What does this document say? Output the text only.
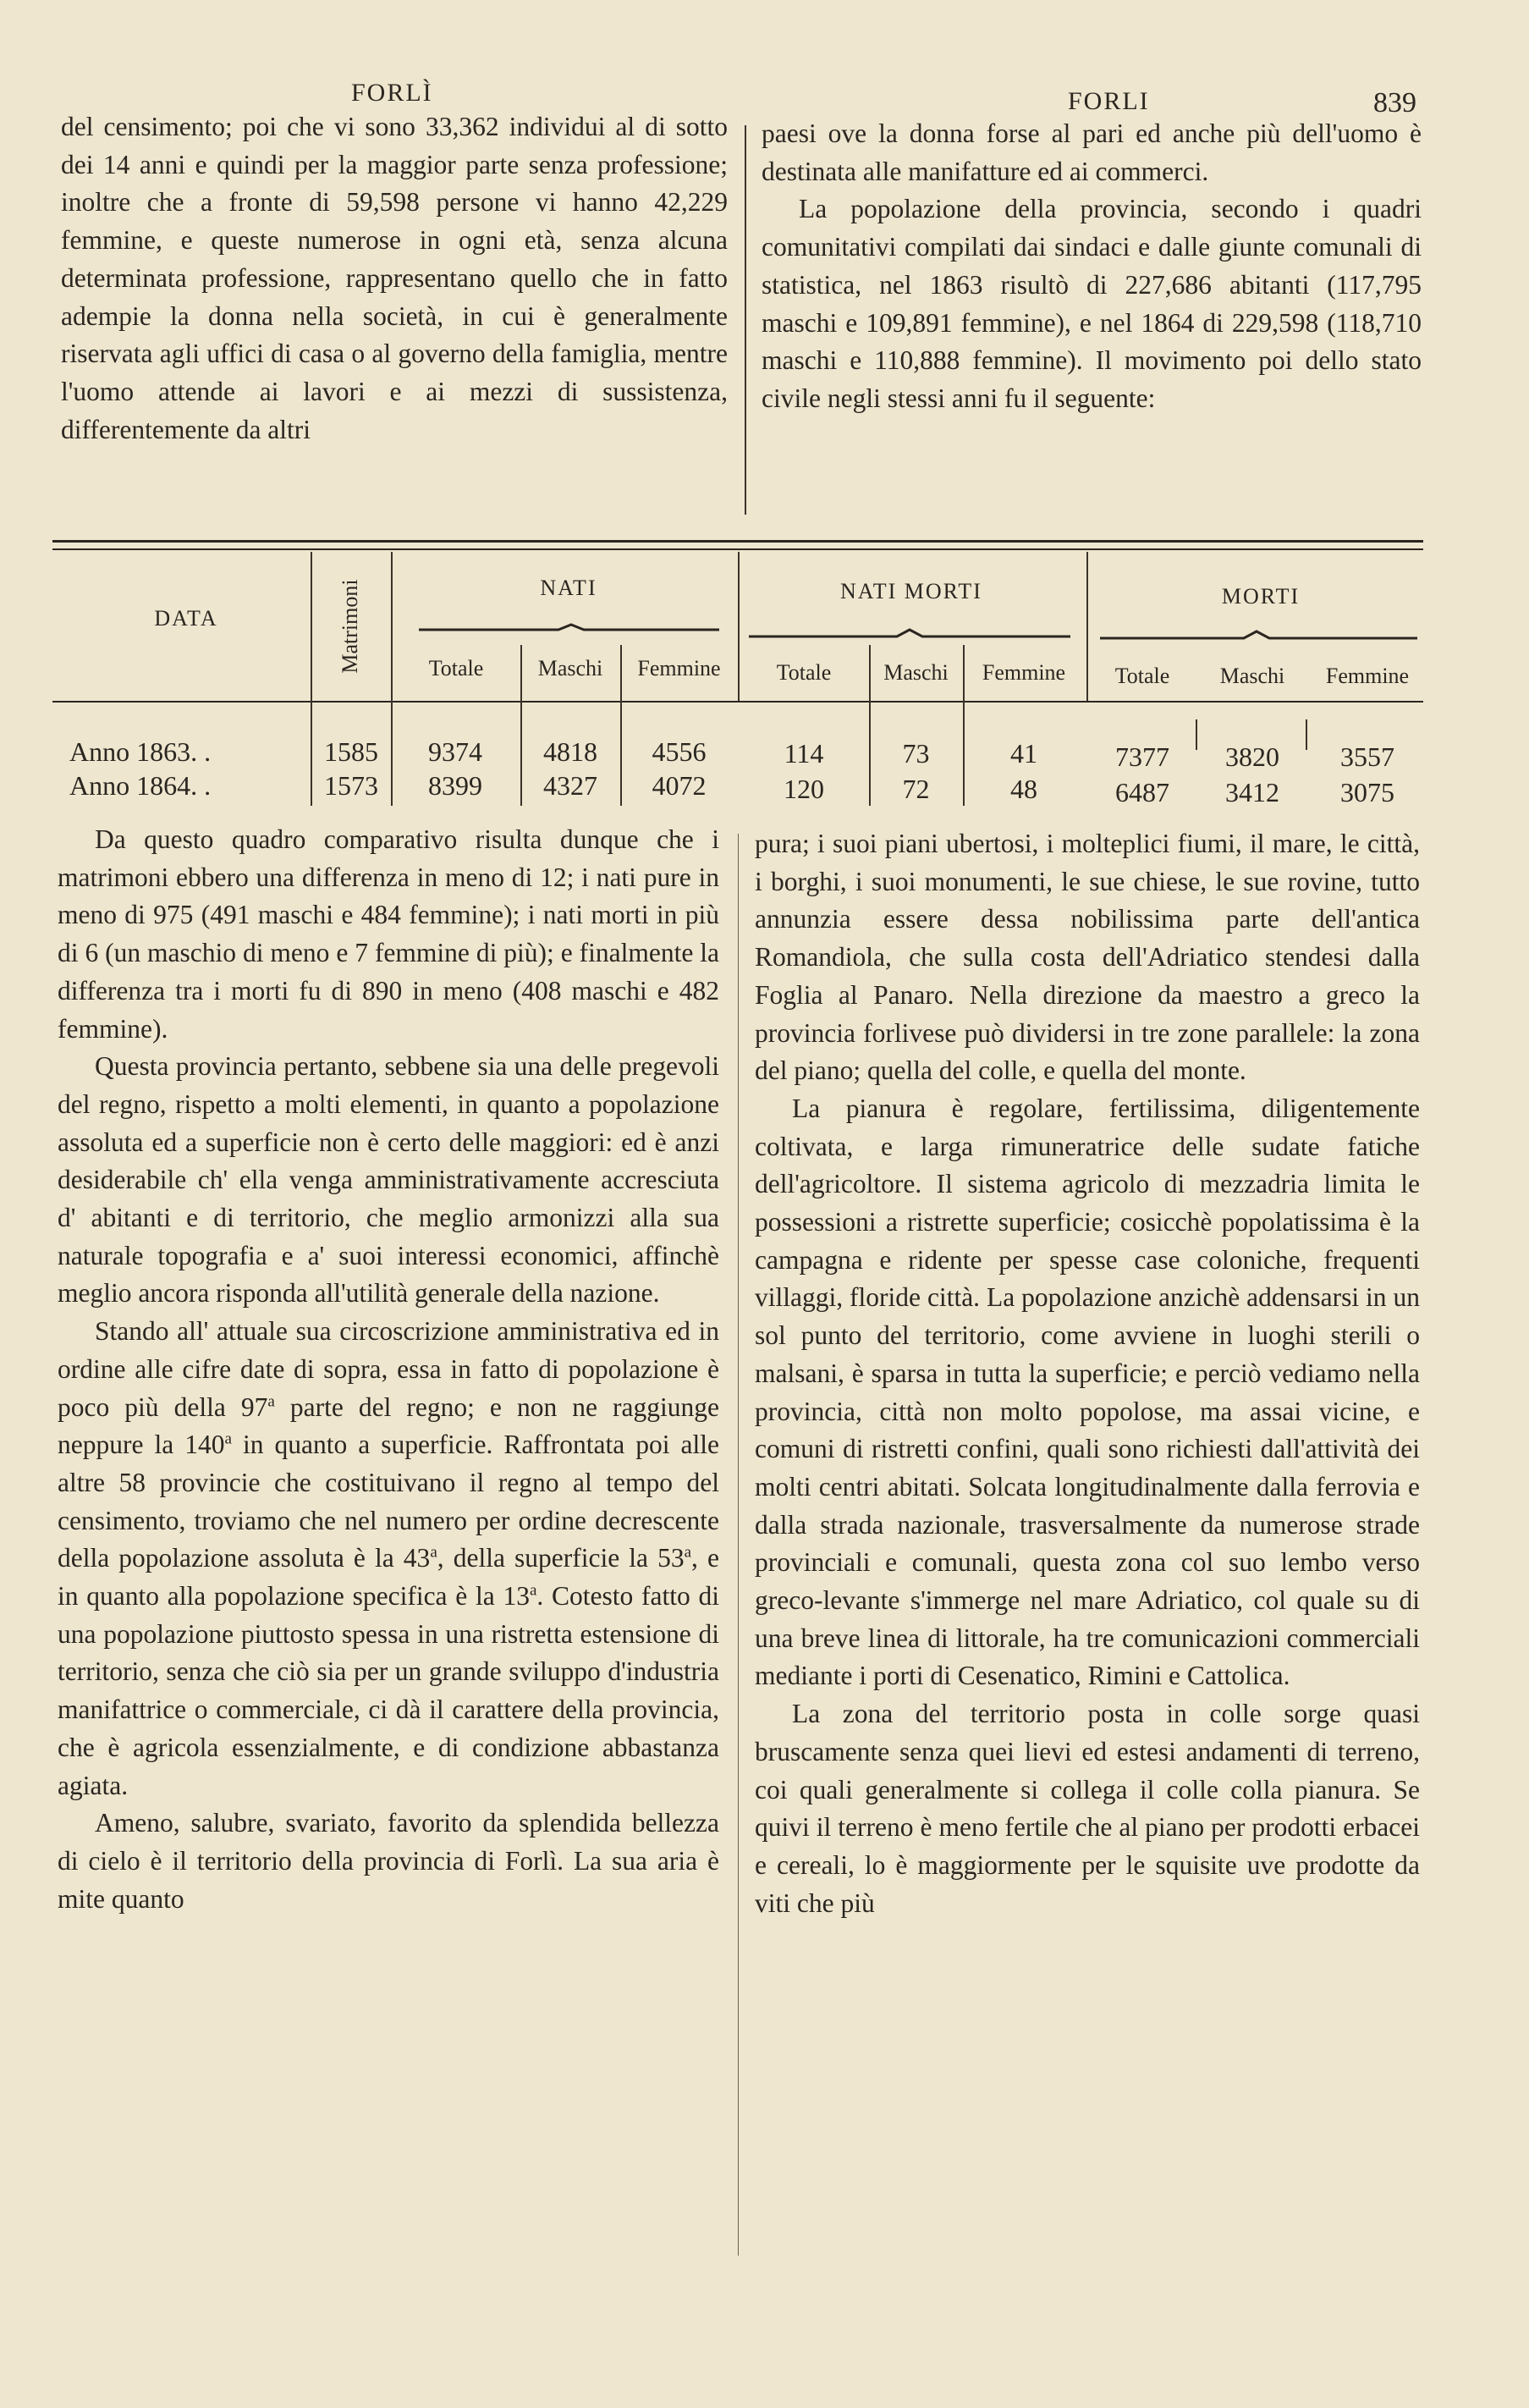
FORLÌ	FORLI	839

del censimento; poi che vi sono 33,362 individui al di sotto dei 14 anni e quindi per la maggior parte senza professione; inoltre che a fronte di 59,598 persone vi hanno 42,229 femmine, e queste numerose in ogni età, senza alcuna determinata professione, rappresentano quello che in fatto adempie la donna nella società, in cui è generalmente riservata agli uffici di casa o al governo della famiglia, mentre l'uomo attende ai lavori e ai mezzi di sussistenza, differentemente da altri

paesi ove la donna forse al pari ed anche più dell'uomo è destinata alle manifatture ed ai commerci.

La popolazione della provincia, secondo i quadri comunitativi compilati dai sindaci e dalle giunte comunali di statistica, nel 1863 risultò di 227,686 abitanti (117,795 maschi e 109,891 femmine), e nel 1864 di 229,598 (118,710 maschi e 110,888 femmine). Il movimento poi dello stato civile negli stessi anni fu il seguente:

DATA	Matrimoni	NATI	NATI MORTI	MORTI
Totale	Maschi	Femmine	Totale	Maschi	Femmine	Totale	Maschi	Femmine
Anno 1863. .	1585	9374	4818	4556	114	73	41	7377	3820	3557
Anno 1864. .	1573	8399	4327	4072	120	72	48	6487	3412	3075

Da questo quadro comparativo risulta dunque che i matrimoni ebbero una differenza in meno di 12; i nati pure in meno di 975 (491 maschi e 484 femmine); i nati morti in più di 6 (un maschio di meno e 7 femmine di più); e finalmente la differenza tra i morti fu di 890 in meno (408 maschi e 482 femmine).

Questa provincia pertanto, sebbene sia una delle pregevoli del regno, rispetto a molti elementi, in quanto a popolazione assoluta ed a superficie non è certo delle maggiori: ed è anzi desiderabile ch' ella venga amministrativamente accresciuta d' abitanti e di territorio, che meglio armonizzi alla sua naturale topografia e a' suoi interessi economici, affinchè meglio ancora risponda all'utilità generale della nazione.

Stando all' attuale sua circoscrizione amministrativa ed in ordine alle cifre date di sopra, essa in fatto di popolazione è poco più della 97$^a$ parte del regno; e non ne raggiunge neppure la 140$^a$ in quanto a superficie. Raffrontata poi alle altre 58 provincie che costituivano il regno al tempo del censimento, troviamo che nel numero per ordine decrescente della popolazione assoluta è la 43$^a$, della superficie la 53$^a$, e in quanto alla popolazione specifica è la 13$^a$. Cotesto fatto di una popolazione piuttosto spessa in una ristretta estensione di territorio, senza che ciò sia per un grande sviluppo d'industria manifattrice o commerciale, ci dà il carattere della provincia, che è agricola essenzialmente, e di condizione abbastanza agiata.

Ameno, salubre, svariato, favorito da splendida bellezza di cielo è il territorio della provincia di Forlì. La sua aria è mite quanto

pura; i suoi piani ubertosi, i molteplici fiumi, il mare, le città, i borghi, i suoi monumenti, le sue chiese, le sue rovine, tutto annunzia essere dessa nobilissima parte dell'antica Romandiola, che sulla costa dell'Adriatico stendesi dalla Foglia al Panaro. Nella direzione da maestro a greco la provincia forlivese può dividersi in tre zone parallele: la zona del piano; quella del colle, e quella del monte.

La pianura è regolare, fertilissima, diligentemente coltivata, e larga rimuneratrice delle sudate fatiche dell'agricoltore. Il sistema agricolo di mezzadria limita le possessioni a ristrette superficie; cosicchè popolatissima è la campagna e ridente per spesse case coloniche, frequenti villaggi, floride città. La popolazione anzichè addensarsi in un sol punto del territorio, come avviene in luoghi sterili o malsani, è sparsa in tutta la superficie; e perciò vediamo nella provincia, città non molto popolose, ma assai vicine, e comuni di ristretti confini, quali sono richiesti dall'attività dei molti centri abitati. Solcata longitudinalmente dalla ferrovia e dalla strada nazionale, trasversalmente da numerose strade provinciali e comunali, questa zona col suo lembo verso greco-levante s'immerge nel mare Adriatico, col quale su di una breve linea di littorale, ha tre comunicazioni commerciali mediante i porti di Cesenatico, Rimini e Cattolica.

La zona del territorio posta in colle sorge quasi bruscamente senza quei lievi ed estesi andamenti di terreno, coi quali generalmente si collega il colle colla pianura. Se quivi il terreno è meno fertile che al piano per prodotti erbacei e cereali, lo è maggiormente per le squisite uve prodotte da viti che più
